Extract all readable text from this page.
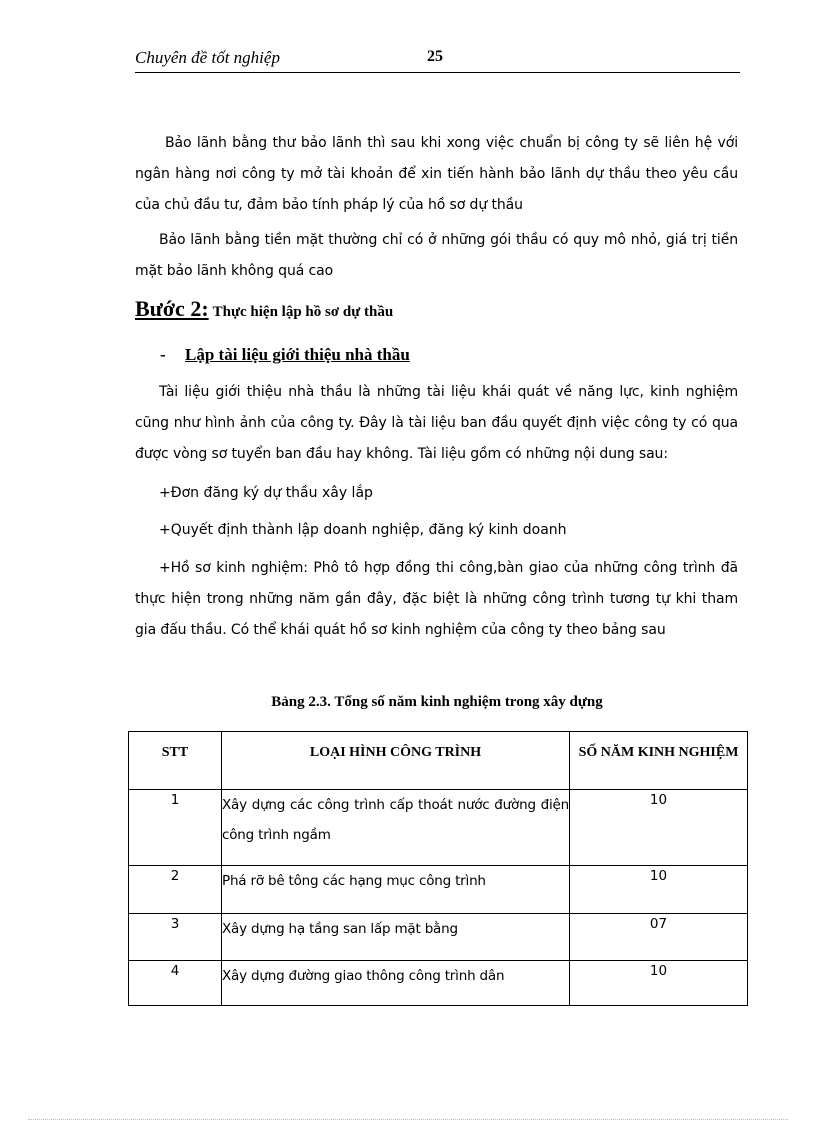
Chuyên đề tốt nghiệp	25
Bảo lãnh bằng thư bảo lãnh thì sau khi xong việc chuẩn bị công ty sẽ liên hệ với ngân hàng nơi công ty mở tài khoản để xin tiến hành bảo lãnh dự thầu theo yêu cầu của chủ đầu tư, đảm bảo tính pháp lý của hồ sơ dự thầu
Bảo lãnh bằng tiền mặt thường chỉ có ở những gói thầu có quy mô nhỏ, giá trị tiền mặt bảo lãnh không quá cao
Bước 2: Thực hiện lập hồ sơ dự thầu
- Lập tài liệu giới thiệu nhà thầu
Tài liệu giới thiệu nhà thầu là những tài liệu khái quát về năng lực, kinh nghiệm cũng như hình ảnh của công ty. Đây là tài liệu ban đầu quyết định việc công ty có qua được vòng sơ tuyển ban đầu hay không. Tài liệu gồm có những nội dung sau:
+Đơn đăng ký dự thầu xây lắp
+Quyết định thành lập doanh nghiệp, đăng ký kinh doanh
+Hồ sơ kinh nghiệm: Phô tô hợp đồng thi công,bàn giao của những công trình đã thực hiện trong những năm gần đây, đặc biệt là những công trình tương tự khi tham gia đấu thầu. Có thể khái quát hồ sơ kinh nghiệm của công ty theo bảng sau
Bảng 2.3. Tổng số năm kinh nghiệm trong xây dựng
STT	LOẠI HÌNH CÔNG TRÌNH	SỐ NĂM KINH NGHIỆM
1	Xây dựng các công trình cấp thoát nước đường điện công trình ngầm	10
2	Phá rỡ bê tông các hạng mục công trình	10
3	Xây dựng hạ tầng san lấp mặt bằng	07
4	Xây dựng đường giao thông công trình dân	10
